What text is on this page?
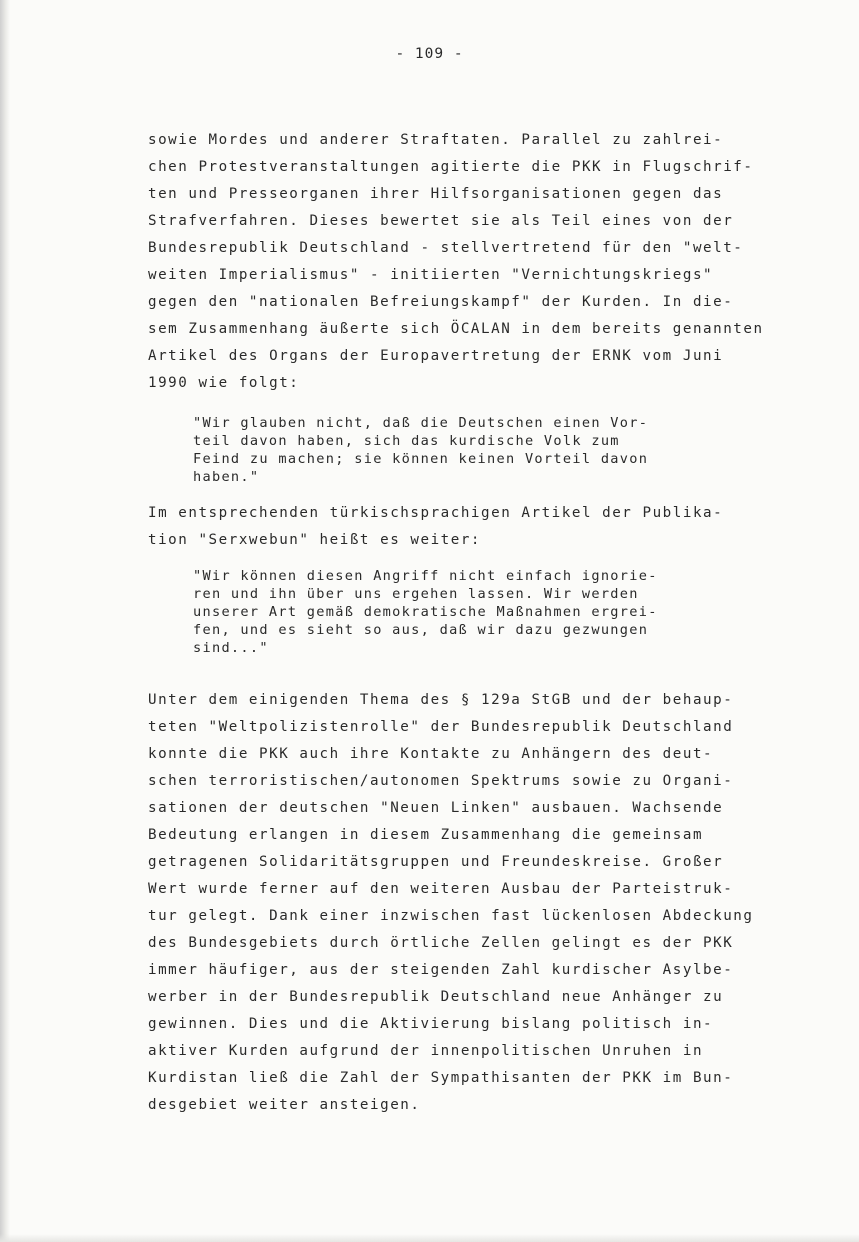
- 109 -

sowie Mordes und anderer Straftaten. Parallel zu zahlrei-

chen Protestveranstaltungen agitierte die PKK in Flugschrif-

ten und Presseorganen ihrer Hilfsorganisationen gegen das

Strafverfahren. Dieses bewertet sie als Teil eines von der

Bundesrepublik Deutschland - stellvertretend für den "welt-

weiten Imperialismus" - initiierten "Vernichtungskriegs"

gegen den "nationalen Befreiungskampf" der Kurden. In die-

sem Zusammenhang äußerte sich ÖCALAN in dem bereits genannten

Artikel des Organs der Europavertretung der ERNK vom Juni

1990 wie folgt:

"Wir glauben nicht, daß die Deutschen einen Vor-

teil davon haben, sich das kurdische Volk zum

Feind zu machen; sie können keinen Vorteil davon

haben."

Im entsprechenden türkischsprachigen Artikel der Publika-

tion "Serxwebun" heißt es weiter:

"Wir können diesen Angriff nicht einfach ignorie-

ren und ihn über uns ergehen lassen. Wir werden

unserer Art gemäß demokratische Maßnahmen ergrei-

fen, und es sieht so aus, daß wir dazu gezwungen

sind..."

Unter dem einigenden Thema des § 129a StGB und der behaup-

teten "Weltpolizistenrolle" der Bundesrepublik Deutschland

konnte die PKK auch ihre Kontakte zu Anhängern des deut-

schen terroristischen/autonomen Spektrums sowie zu Organi-

sationen der deutschen "Neuen Linken" ausbauen. Wachsende

Bedeutung erlangen in diesem Zusammenhang die gemeinsam

getragenen Solidaritätsgruppen und Freundeskreise. Großer

Wert wurde ferner auf den weiteren Ausbau der Parteistruk-

tur gelegt. Dank einer inzwischen fast lückenlosen Abdeckung

des Bundesgebiets durch örtliche Zellen gelingt es der PKK

immer häufiger, aus der steigenden Zahl kurdischer Asylbe-

werber in der Bundesrepublik Deutschland neue Anhänger zu

gewinnen. Dies und die Aktivierung bislang politisch in-

aktiver Kurden aufgrund der innenpolitischen Unruhen in

Kurdistan ließ die Zahl der Sympathisanten der PKK im Bun-

desgebiet weiter ansteigen.
